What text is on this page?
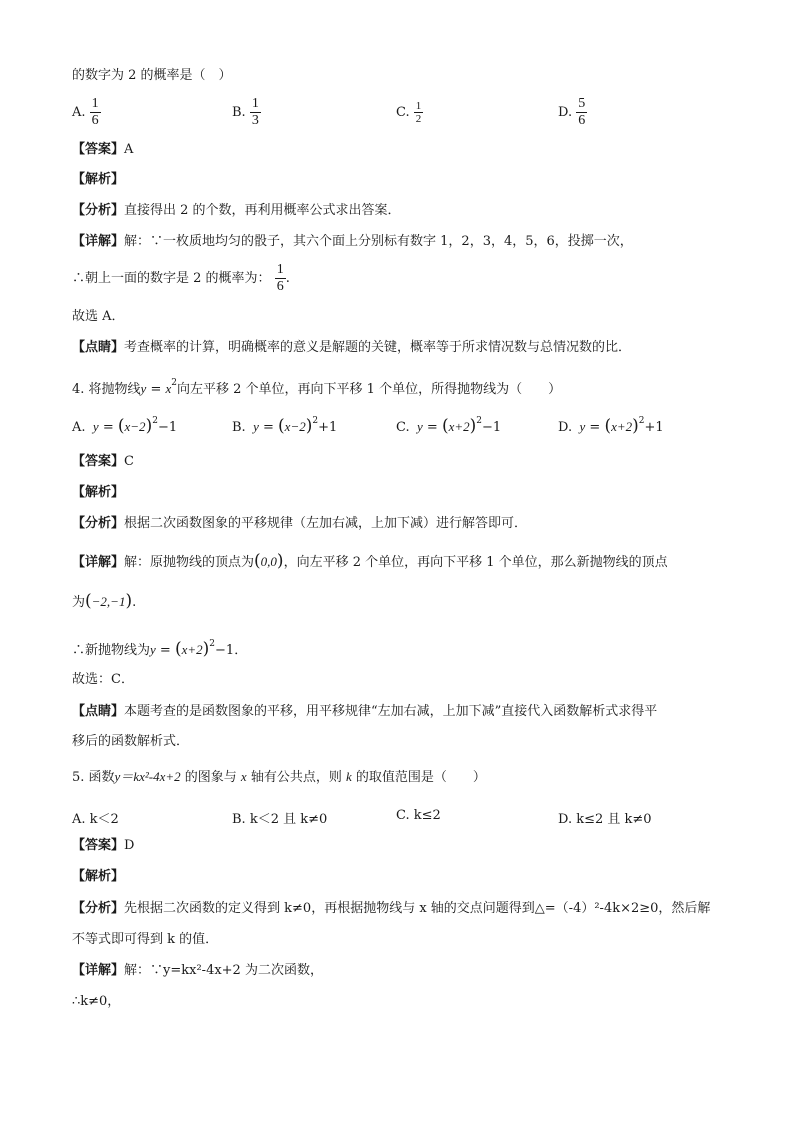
的数字为 2 的概率是（　）
A. $\frac{1}{6}$	B. $\frac{1}{3}$	C. $\frac{1}{2}$	D. $\frac{5}{6}$
【答案】A
【解析】
【分析】直接得出 2 的个数，再利用概率公式求出答案．
【详解】解：∵一枚质地均匀的骰子，其六个面上分别标有数字 1，2，3，4，5，6，投掷一次，
∴朝上一面的数字是 2 的概率为： $\frac{1}{6}$ .
故选 A．
【点睛】考查概率的计算，明确概率的意义是解题的关键，概率等于所求情况数与总情况数的比．
4. 将抛物线$y = x^2$向左平移 2 个单位，再向下平移 1 个单位，所得抛物线为（　　）
A.  $y = (x-2)^2-1$	B.  $y = (x-2)^2+1$	C.  $y = (x+2)^2-1$	D.  $y = (x+2)^2+1$
【答案】C
【解析】
【分析】根据二次函数图象的平移规律（左加右减，上加下减）进行解答即可．
【详解】解：原抛物线的顶点为(0,0)，向左平移 2 个单位，再向下平移 1 个单位，那么新抛物线的顶点
为(−2,−1).
∴新抛物线为$y = (x+2)^2-1$．
故选：C．
【点睛】本题考查的是函数图象的平移，用平移规律“左加右减，上加下减”直接代入函数解析式求得平
移后的函数解析式．
5. 函数y＝kx²-4x+2 的图象与 x 轴有公共点，则 k 的取值范围是（　　）
A. k＜2	B. k＜2 且 k≠0	C. k≤2	D. k≤2 且 k≠0
【答案】D
【解析】
【分析】先根据二次函数的定义得到 k≠0，再根据抛物线与 x 轴的交点问题得到△=（-4）²-4k×2≥0，然后解
不等式即可得到 k 的值．
【详解】解：∵y=kx²-4x+2 为二次函数，
∴k≠0，
